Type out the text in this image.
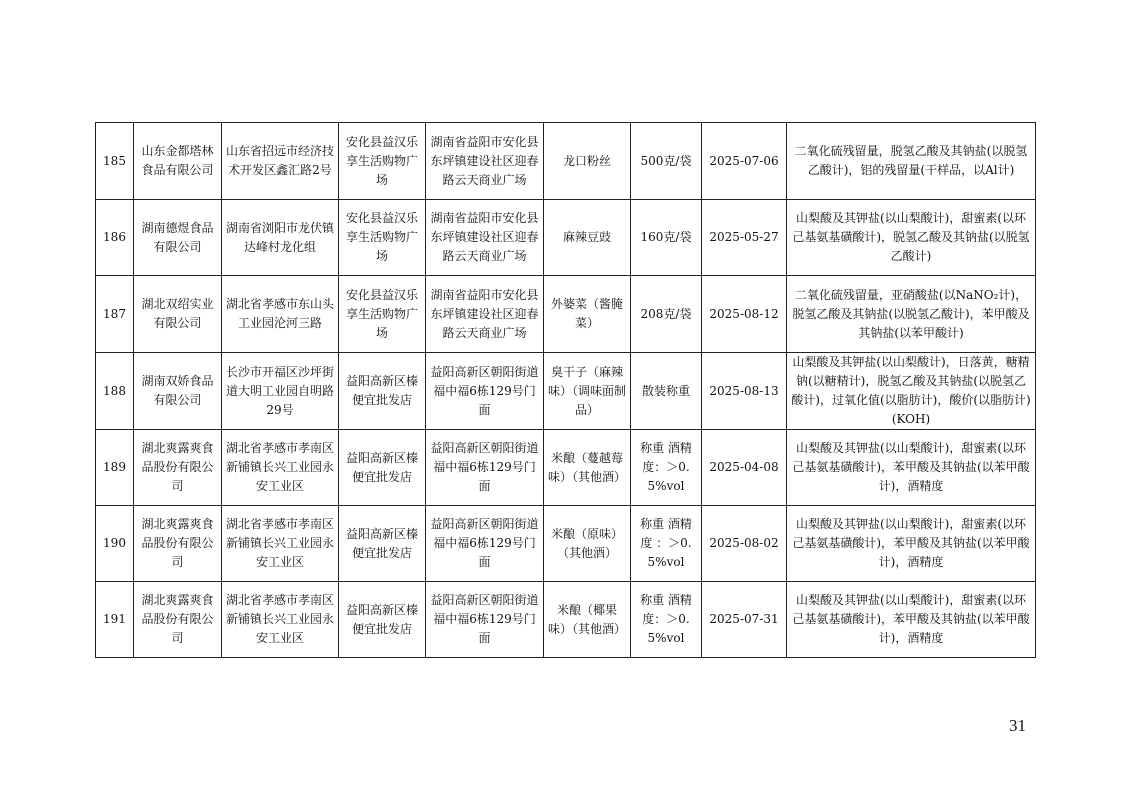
185	山东金都塔林食品有限公司	山东省招远市经济技术开发区鑫汇路2号	安化县益汉乐享生活购物广场	湖南省益阳市安化县东坪镇建设社区迎春路云天商业广场	龙口粉丝	500克/袋	2025-07-06	二氧化硫残留量，脱氢乙酸及其钠盐(以脱氢乙酸计)，铝的残留量(干样品，以Al计)
186	湖南德煜食品有限公司	湖南省浏阳市龙伏镇达峰村龙化组	安化县益汉乐享生活购物广场	湖南省益阳市安化县东坪镇建设社区迎春路云天商业广场	麻辣豆豉	160克/袋	2025-05-27	山梨酸及其钾盐(以山梨酸计)，甜蜜素(以环己基氨基磺酸计)，脱氢乙酸及其钠盐(以脱氢乙酸计)
187	湖北双绍实业有限公司	湖北省孝感市东山头工业园沦河三路	安化县益汉乐享生活购物广场	湖南省益阳市安化县东坪镇建设社区迎春路云天商业广场	外婆菜（酱腌菜）	208克/袋	2025-08-12	二氧化硫残留量，亚硝酸盐(以NaNO₂计)，脱氢乙酸及其钠盐(以脱氢乙酸计)，苯甲酸及其钠盐(以苯甲酸计)
188	湖南双娇食品有限公司	长沙市开福区沙坪街道大明工业园自明路29号	益阳高新区榛便宜批发店	益阳高新区朝阳街道福中福6栋129号门面	臭干子（麻辣味）（调味面制品）	散装称重	2025-08-13	山梨酸及其钾盐(以山梨酸计)，日落黄，糖精钠(以糖精计)，脱氢乙酸及其钠盐(以脱氢乙酸计)，过氧化值(以脂肪计)，酸价(以脂肪计)(KOH)
189	湖北爽露爽食品股份有限公司	湖北省孝感市孝南区新铺镇长兴工业园永安工业区	益阳高新区榛便宜批发店	益阳高新区朝阳街道福中福6栋129号门面	米酿（蔓越莓味）（其他酒）	称重 酒精度：＞0.5%vol	2025-04-08	山梨酸及其钾盐(以山梨酸计)，甜蜜素(以环己基氨基磺酸计)，苯甲酸及其钠盐(以苯甲酸计)，酒精度
190	湖北爽露爽食品股份有限公司	湖北省孝感市孝南区新铺镇长兴工业园永安工业区	益阳高新区榛便宜批发店	益阳高新区朝阳街道福中福6栋129号门面	米酿（原味）（其他酒）	称重 酒精度 ：＞0.5%vol	2025-08-02	山梨酸及其钾盐(以山梨酸计)，甜蜜素(以环己基氨基磺酸计)，苯甲酸及其钠盐(以苯甲酸计)，酒精度
191	湖北爽露爽食品股份有限公司	湖北省孝感市孝南区新铺镇长兴工业园永安工业区	益阳高新区榛便宜批发店	益阳高新区朝阳街道福中福6栋129号门面	米酿（椰果味）（其他酒）	称重 酒精度：＞0.5%vol	2025-07-31	山梨酸及其钾盐(以山梨酸计)，甜蜜素(以环己基氨基磺酸计)，苯甲酸及其钠盐(以苯甲酸计)，酒精度
31
